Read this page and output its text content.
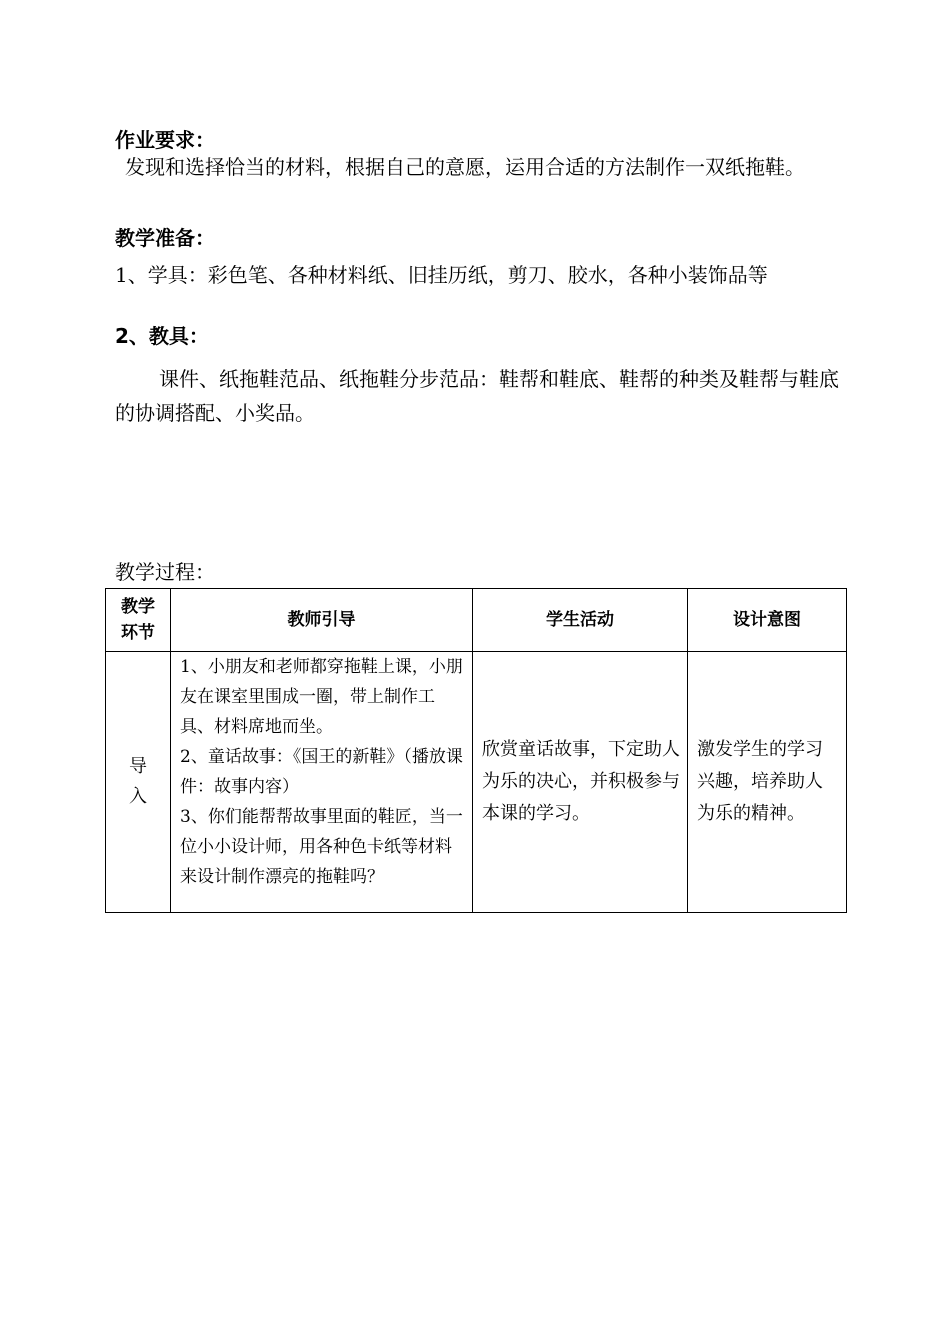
作业要求：
发现和选择恰当的材料，根据自己的意愿，运用合适的方法制作一双纸拖鞋。
教学准备：
1、学具：彩色笔、各种材料纸、旧挂历纸，剪刀、胶水，各种小装饰品等
2、教具：
课件、纸拖鞋范品、纸拖鞋分步范品：鞋帮和鞋底、鞋帮的种类及鞋帮与鞋底的协调搭配、小奖品。
教学过程：
教学环节	教师引导	学生活动	设计意图

导入	1、小朋友和老师都穿拖鞋上课，小朋友在课室里围成一圈，带上制作工具、材料席地而坐。
2、童话故事：《国王的新鞋》（播放课件：故事内容）
3、你们能帮帮故事里面的鞋匠，当一位小小设计师，用各种色卡纸等材料来设计制作漂亮的拖鞋吗？	欣赏童话故事，下定助人为乐的决心，并积极参与本课的学习。	激发学生的学习兴趣，培养助人为乐的精神。
